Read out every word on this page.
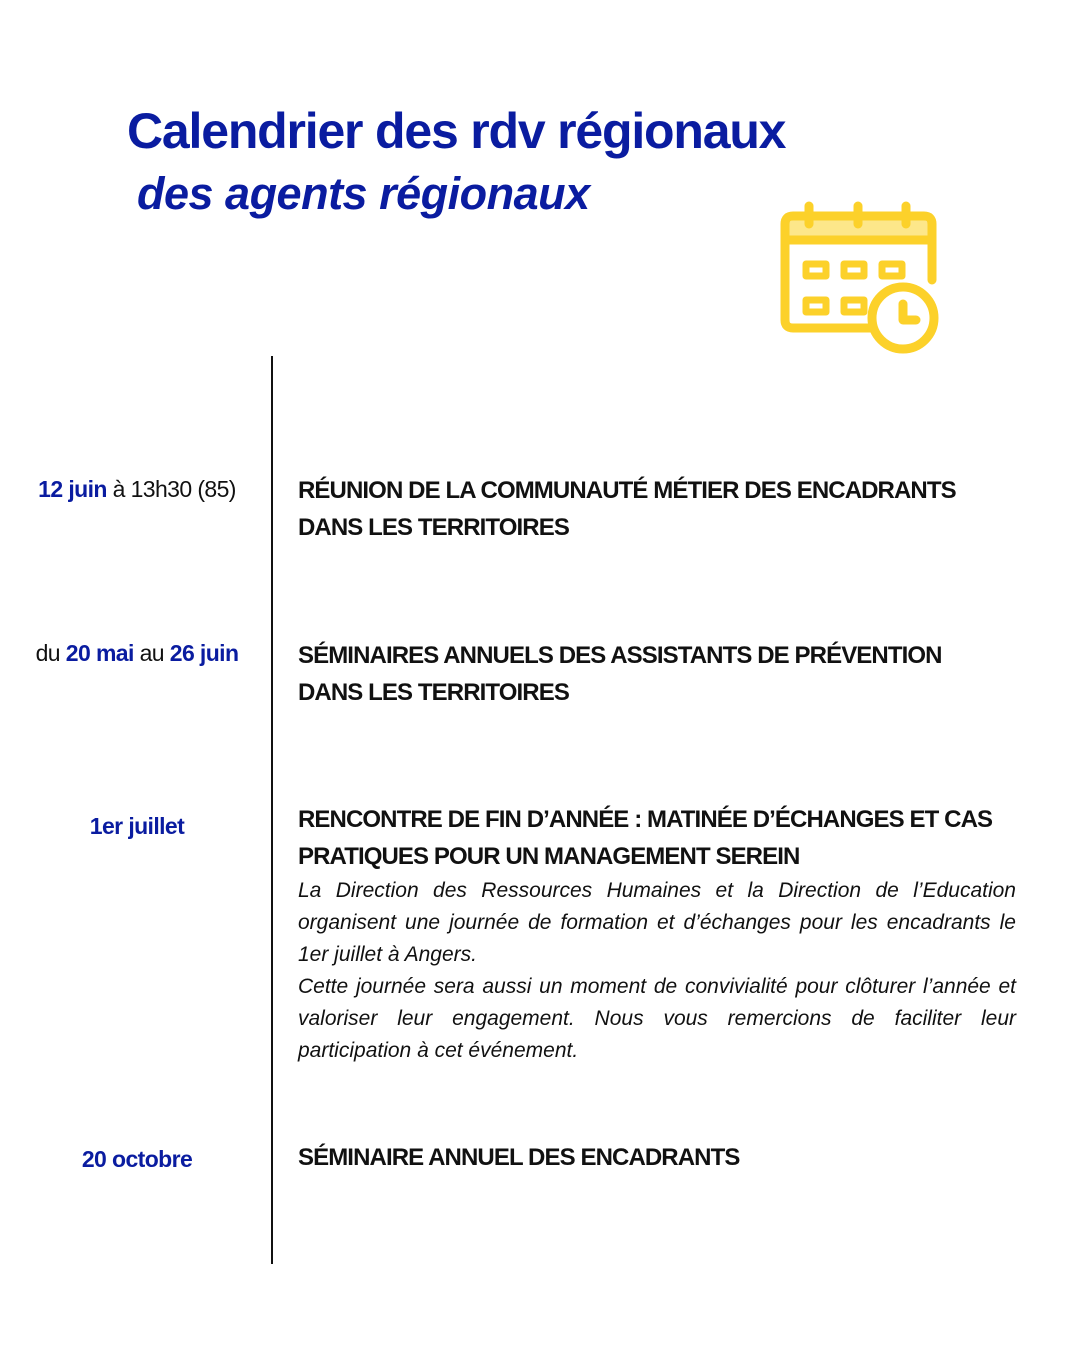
Calendrier des rdv régionaux
des agents régionaux
12 juin à 13h30 (85)	RÉUNION DE LA COMMUNAUTÉ MÉTIER DES ENCADRANTS DANS LES TERRITOIRES
du 20 mai au 26 juin	SÉMINAIRES ANNUELS DES ASSISTANTS DE PRÉVENTION DANS LES TERRITOIRES
1er juillet	RENCONTRE DE FIN D’ANNÉE : MATINÉE D’ÉCHANGES ET CAS PRATIQUES POUR UN MANAGEMENT SEREIN

La Direction des Ressources Humaines et la Direction de l’Education organisent une journée de formation et d’échanges pour les encadrants le 1er juillet à Angers.

Cette journée sera aussi un moment de convivialité pour clôturer l’année et valoriser leur engagement. Nous vous remercions de faciliter leur participation à cet événement.

20 octobre	SÉMINAIRE ANNUEL DES ENCADRANTS
